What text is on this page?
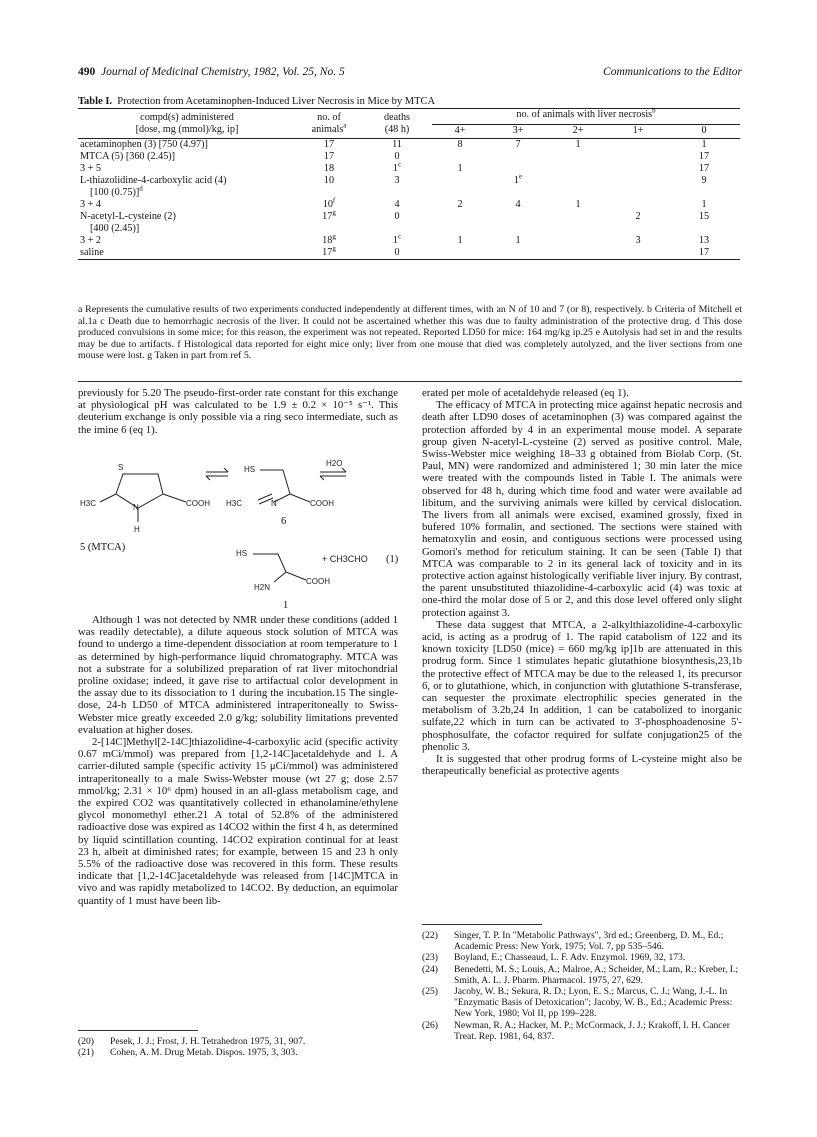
490 Journal of Medicinal Chemistry, 1982, Vol. 25, No. 5	Communications to the Editor
Table I. Protection from Acetaminophen-Induced Liver Necrosis in Mice by MTCA

compd(s) administered	no. of	deaths	no. of animals with liver necrosis$^b$
[dose, mg (mmol)/kg, ip]	animals$^a$	(48 h)	4+	3+	2+	1+	0

acetaminophen (3) [750 (4.97)]	17	11	8	7	1		1

MTCA (5) [360 (2.45)]	17	0					17

3 + 5	18	1$^c$	1				17

L-thiazolidine-4-carboxylic acid (4)
[100 (0.75)]$^d$	10	3		1e			9

3 + 4	10$^f$	4	2	4	1		1

N-acetyl-L-cysteine (2)
[400 (2.45)]	17$^g$	0				2	15

3 + 2	18$^g$	1$^c$	1	1		3	13

saline	17$^g$	0					17

a Represents the cumulative results of two experiments conducted independently at different times, with an N of 10 and 7 (or 8), respectively. b Criteria of Mitchell et al.1a c Death due to hemorrhagic necrosis of the liver. It could not be ascertained whether this was due to faulty administration of the protective drug. d This dose produced convulsions in some mice; for this reason, the experiment was not repeated. Reported LD50 for mice: 164 mg/kg ip.25 e Autolysis had set in and the results may be due to artifacts. f Histological data reported for eight mice only; liver from one mouse that died was completely autolyzed, and the liver sections from one mouse were lost. g Taken in part from ref 5.

previously for 5.20 The pseudo-first-order rate constant for this exchange at physiological pH was calculated to be 1.9 ± 0.2 × 10⁻⁵ s⁻¹. This deuterium exchange is only possible via a ring seco intermediate, such as the imine 6 (eq 1).

S
N
H
H3C	COOH
5 (MTCA)
HS
N
H3C	COOH
H2O
6
HS
H2N
COOH
+ CH3CHO (1)
1

Although 1 was not detected by NMR under these conditions (added 1 was readily detectable), a dilute aqueous stock solution of MTCA was found to undergo a time-dependent dissociation at room temperature to 1 as determined by high-performance liquid chromatography. MTCA was not a substrate for a solubilized preparation of rat liver mitochondrial proline oxidase; indeed, it gave rise to artifactual color development in the assay due to its dissociation to 1 during the incubation.15 The single-dose, 24-h LD50 of MTCA administered intraperitoneally to Swiss-Webster mice greatly exceeded 2.0 g/kg; solubility limitations prevented evaluation at higher doses.

2-[14C]Methyl[2-14C]thiazolidine-4-carboxylic acid (specific activity 0.67 mCi/mmol) was prepared from [1,2-14C]acetaldehyde and 1. A carrier-diluted sample (specific activity 15 μCi/mmol) was administered intraperitoneally to a male Swiss-Webster mouse (wt 27 g; dose 2.57 mmol/kg; 2.31 × 10⁶ dpm) housed in an all-glass metabolism cage, and the expired CO2 was quantitatively collected in ethanolamine/ethylene glycol monomethyl ether.21 A total of 52.8% of the administered radioactive dose was expired as 14CO2 within the first 4 h, as determined by liquid scintillation counting. 14CO2 expiration continual for at least 23 h, albeit at diminished rates; for example, between 15 and 23 h only 5.5% of the radioactive dose was recovered in this form. These results indicate that [1,2-14C]acetaldehyde was released from [14C]MTCA in vivo and was rapidly metabolized to 14CO2. By deduction, an equimolar quantity of 1 must have been lib-

(20)	Pesek, J. J.; Frost, J. H. Tetrahedron 1975, 31, 907.
(21)	Cohen, A. M. Drug Metab. Dispos. 1975, 3, 303.

erated per mole of acetaldehyde released (eq 1).

The efficacy of MTCA in protecting mice against hepatic necrosis and death after LD90 doses of acetaminophen (3) was compared against the protection afforded by 4 in an experimental mouse model. A separate group given N-acetyl-L-cysteine (2) served as positive control. Male, Swiss-Webster mice weighing 18–33 g obtained from Biolab Corp. (St. Paul, MN) were randomized and administered 1; 30 min later the mice were treated with the compounds listed in Table I. The animals were observed for 48 h, during which time food and water were available ad libitum, and the surviving animals were killed by cervical dislocation. The livers from all animals were excised, examined grossly, fixed in bufered 10% formalin, and sectioned. The sections were stained with hematoxylin and eosin, and contiguous sections were processed using Gomori's method for reticulum staining. It can be seen (Table I) that MTCA was comparable to 2 in its general lack of toxicity and in its protective action against histologically verifiable liver injury. By contrast, the parent unsubstituted thiazolidine-4-carboxylic acid (4) was toxic at one-third the molar dose of 5 or 2, and this dose level offered only slight protection against 3.

These data suggest that MTCA, a 2-alkylthiazolidine-4-carboxylic acid, is acting as a prodrug of 1. The rapid catabolism of 122 and its known toxicity [LD50 (mice) = 660 mg/kg ip]1b are attenuated in this prodrug form. Since 1 stimulates hepatic glutathione biosynthesis,23,1b the protective effect of MTCA may be due to the released 1, its precursor 6, or to glutathione, which, in conjunction with glutathione S-transferase, can sequester the proximate electrophilic species generated in the metabolism of 3.2b,24 In addition, 1 can be catabolized to inorganic sulfate,22 which in turn can be activated to 3'-phosphoadenosine 5'-phosphosulfate, the cofactor required for sulfate conjugation25 of the phenolic 3.

It is suggested that other prodrug forms of L-cysteine might also be therapeutically beneficial as protective agents

(22)	Singer, T. P. In "Metabolic Pathways", 3rd ed.; Greenberg, D. M., Ed.; Academic Press: New York, 1975; Vol. 7, pp 535–546.
(23)	Boyland, E.; Chasseaud, L. F. Adv. Enzymol. 1969, 32, 173.
(24)	Benedetti, M. S.; Louis, A.; Malroe, A.; Scheider, M.; Lam, R.; Kreber, I.; Smith, A. L. J. Pharm. Pharmacol. 1975, 27, 629.
(25)	Jacoby, W. B.; Sekura, R. D.; Lyon, E. S.; Marcus, C. J.; Wang, J.-L. In "Enzymatic Basis of Detoxication"; Jacoby, W. B., Ed.; Academic Press: New York, 1980; Vol II, pp 199–228.
(26)	Newman, R. A.; Hacker, M. P.; McCormack, J. J.; Krakoff, I. H. Cancer Treat. Rep. 1981, 64, 837.
